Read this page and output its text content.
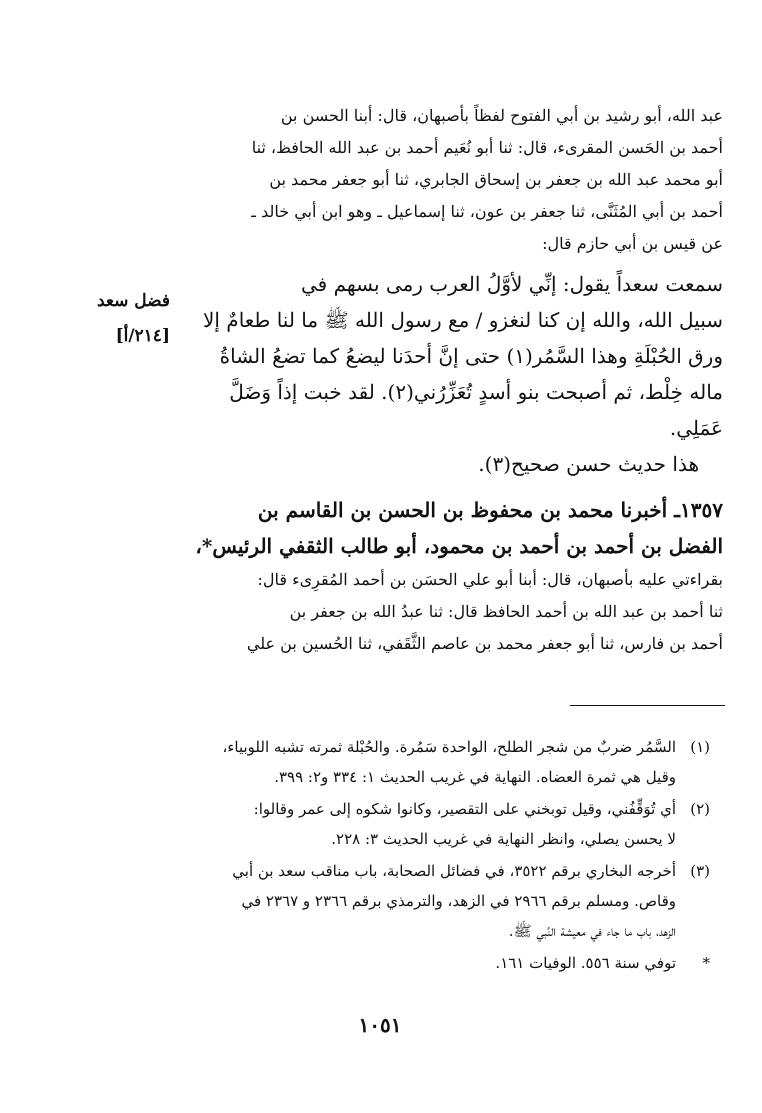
عبد الله، أبو رشيد بن أبي الفتوح لفظاً بأصبهان، قال: أبنا الحسن بن
أحمد بن الحَسن المقرىء، قال: ثنا أبو نُعَيم أحمد بن عبد الله الحافظ، ثنا
أبو محمد عبد الله بن جعفر بن إسحاق الجابري، ثنا أبو جعفر محمد بن
أحمد بن أبي المُثَنَّى، ثنا جعفر بن عون، ثنا إسماعيل ـ وهو ابن أبي خالد ـ
عن قيس بن أبي حازم قال:
سمعت سعداً يقول: إنِّي لأوَّلُ العرب رمى بسهم في
سبيل الله، والله إن كنا لنغزو / مع رسول الله ﷺ ما لنا طعامٌ إلا
ورق الحُبْلَةِ وهذا السَّمُر(١) حتى إنَّ أحدَنا ليضعُ كما تضعُ الشاةُ
ماله خِلْط، ثم أصبحت بنو أسدٍ تُعَزِّرُني(٢). لقد خبت إذاً وَضَلَّ
عَمَلِي.
هذا حديث حسن صحيح(٣).
١٣٥٧ـ أخبرنا محمد بن محفوظ بن الحسن بن القاسم بن
الفضل بن أحمد بن أحمد بن محمود، أبو طالب الثقفي الرئيس*،
بقراءتي عليه بأصبهان، قال: أبنا أبو علي الحسَن بن أحمد المُقرِىء قال:
ثنا أحمد بن عبد الله بن أحمد الحافظ قال: ثنا عبدُ الله بن جعفر بن
أحمد بن فارس، ثنا أبو جعفر محمد بن عاصم الثَّقَفي، ثنا الحُسين بن علي
فضل سعد
[٢١٤/أ]
(١)
السَّمُر ضربٌ من شجر الطلح، الواحدة سَمُرة. والحُبْلة ثمرته تشبه اللوبياء،
وقيل هي ثمرة العضاه. النهاية في غريب الحديث ١: ٣٣٤ و٢: ٣٩٩.
(٢)
أي تُوَقِّفُني، وقيل توبخني على التقصير، وكانوا شكوه إلى عمر وقالوا:
لا يحسن يصلي، وانظر النهاية في غريب الحديث ٣: ٢٢٨.
(٣)
أخرجه البخاري برقم ٣٥٢٢، في فضائل الصحابة، باب مناقب سعد بن أبي
وقاص. ومسلم برقم ٢٩٦٦ في الزهد، والترمذي برقم ٢٣٦٦ و ٢٣٦٧ في
الزهد، باب ما جاء في معيشة النَّبي ﷺ.
*
توفي سنة ٥٥٦. الوفيات ١٦١.
١٠٥١
